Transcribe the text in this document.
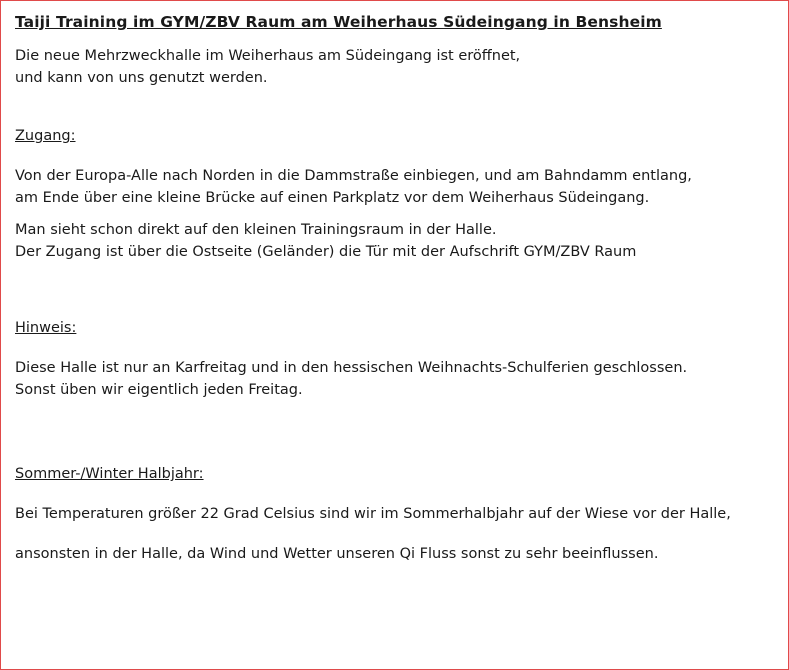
Taiji Training im GYM/ZBV Raum am Weiherhaus Südeingang in Bensheim
Die neue Mehrzweckhalle im Weiherhaus am Südeingang ist eröffnet,
und kann von uns genutzt werden.
Zugang:
Von der Europa-Alle nach Norden in die Dammstraße einbiegen, und am Bahndamm entlang,
am Ende über eine kleine Brücke auf einen Parkplatz vor dem Weiherhaus Südeingang.
Man sieht schon direkt auf den kleinen Trainingsraum in der Halle.
Der Zugang ist über die Ostseite (Geländer) die Tür mit der Aufschrift GYM/ZBV Raum
Hinweis:
Diese Halle ist nur an Karfreitag und in den hessischen Weihnachts-Schulferien geschlossen.
Sonst üben wir eigentlich jeden Freitag.
Sommer-/Winter Halbjahr:
Bei Temperaturen größer 22 Grad Celsius sind wir im Sommerhalbjahr auf der Wiese vor der Halle,
ansonsten in der Halle, da Wind und Wetter unseren Qi Fluss sonst zu sehr beeinflussen.
